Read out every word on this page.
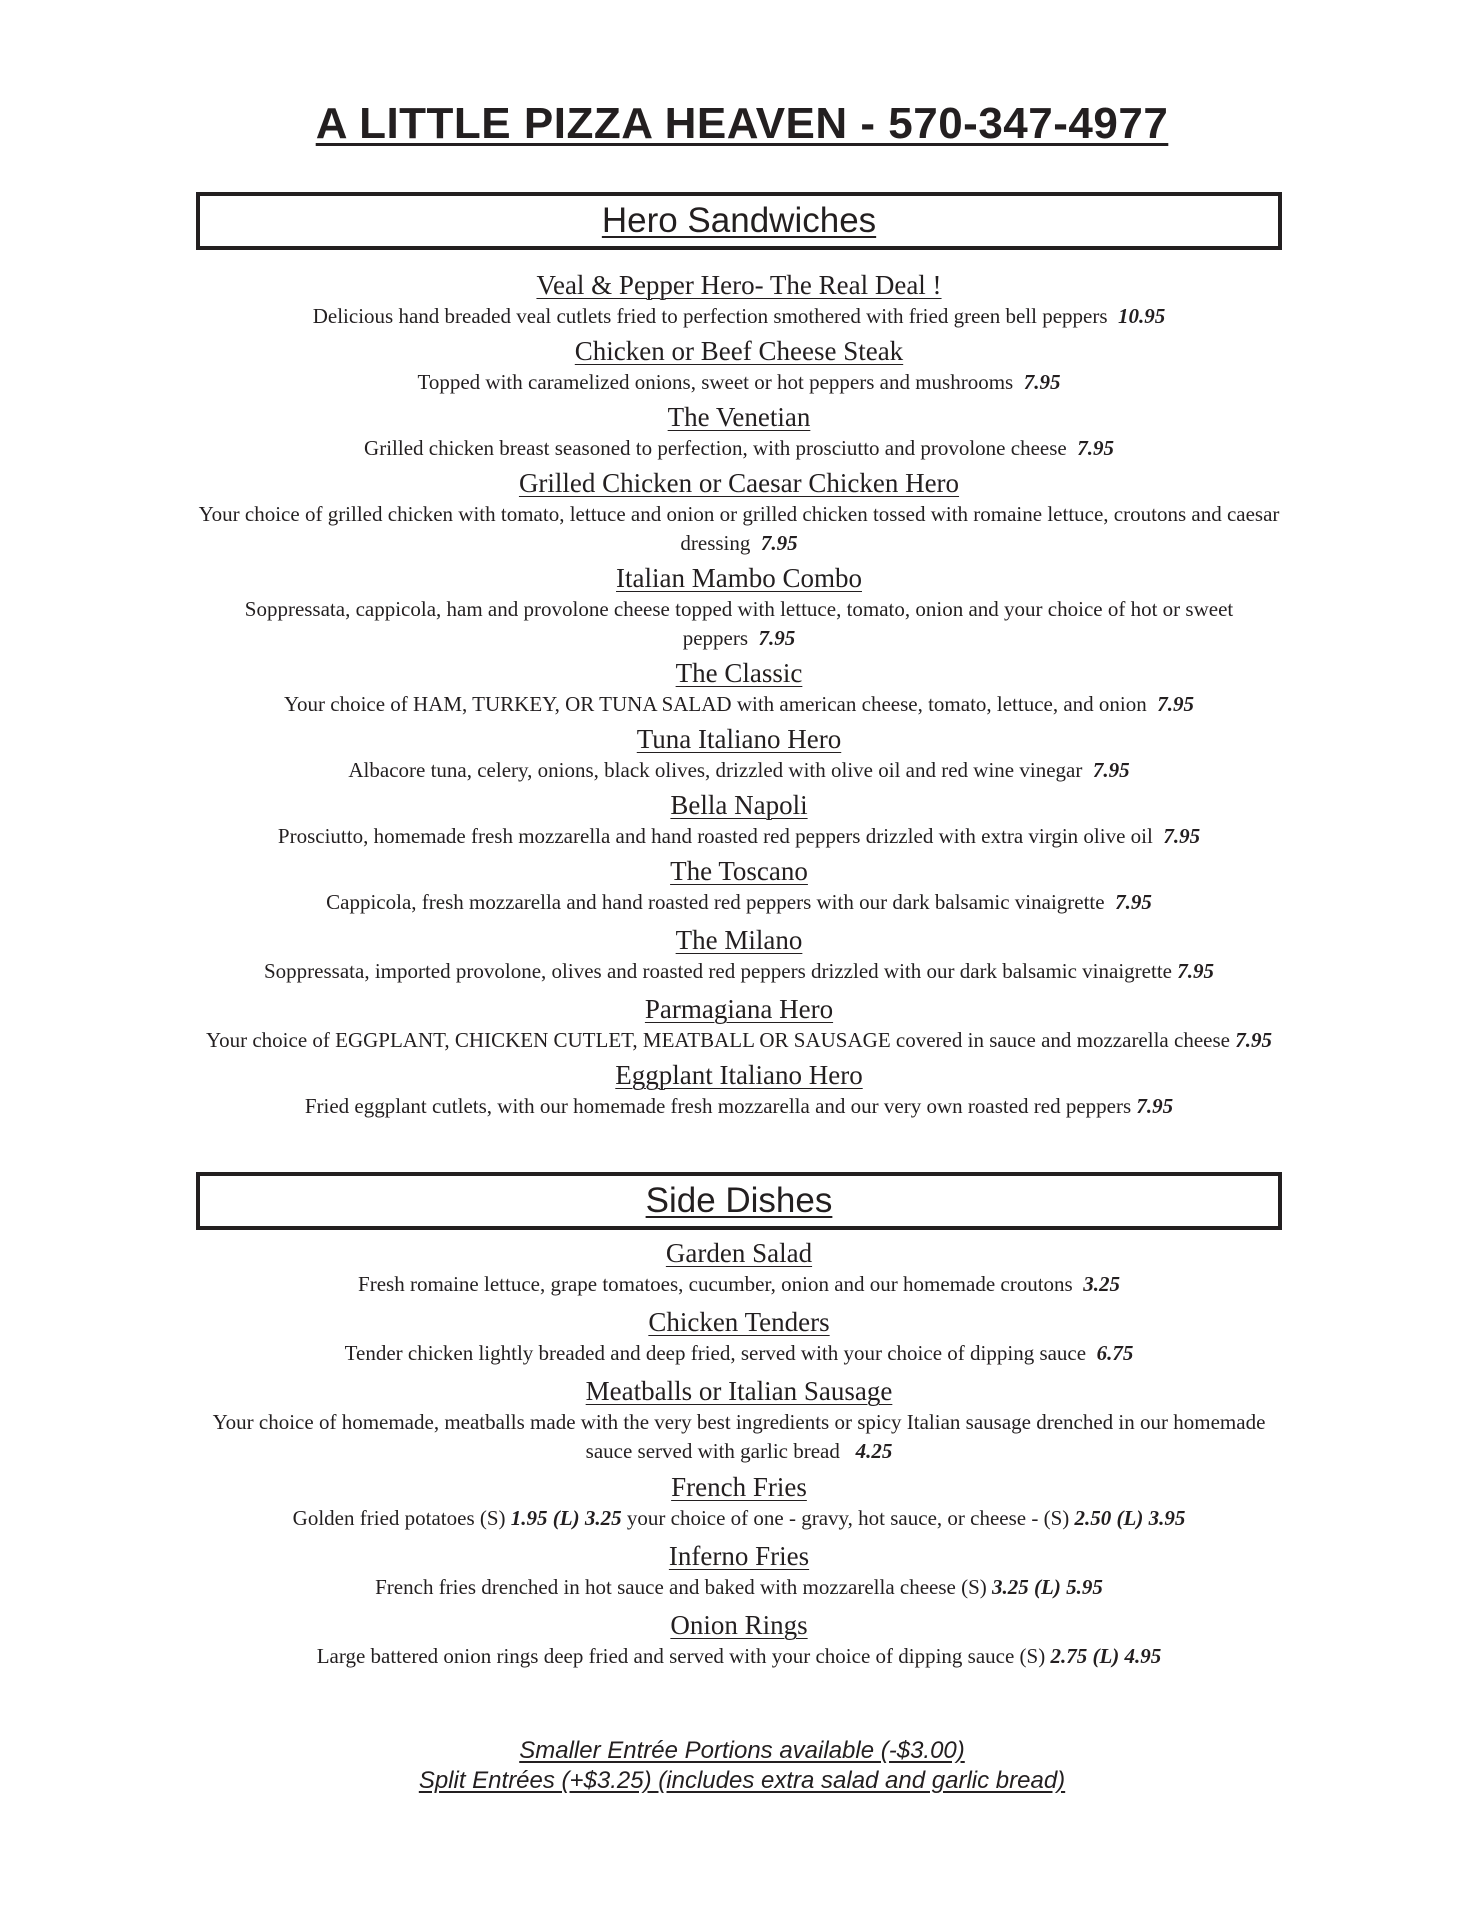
A LITTLE PIZZA HEAVEN - 570-347-4977
Hero Sandwiches
Veal & Pepper Hero- The Real Deal !
Delicious hand breaded veal cutlets fried to perfection smothered with fried green bell peppers 10.95
Chicken or Beef Cheese Steak
Topped with caramelized onions, sweet or hot peppers and mushrooms 7.95
The Venetian
Grilled chicken breast seasoned to perfection, with prosciutto and provolone cheese 7.95
Grilled Chicken or Caesar Chicken Hero
Your choice of grilled chicken with tomato, lettuce and onion or grilled chicken tossed with romaine lettuce, croutons and caesar dressing 7.95
Italian Mambo Combo
Soppressata, cappicola, ham and provolone cheese topped with lettuce, tomato, onion and your choice of hot or sweet peppers 7.95
The Classic
Your choice of HAM, TURKEY, OR TUNA SALAD with american cheese, tomato, lettuce, and onion 7.95
Tuna Italiano Hero
Albacore tuna, celery, onions, black olives, drizzled with olive oil and red wine vinegar 7.95
Bella Napoli
Prosciutto, homemade fresh mozzarella and hand roasted red peppers drizzled with extra virgin olive oil 7.95
The Toscano
Cappicola, fresh mozzarella and hand roasted red peppers with our dark balsamic vinaigrette 7.95
The Milano
Soppressata, imported provolone, olives and roasted red peppers drizzled with our dark balsamic vinaigrette 7.95
Parmagiana Hero
Your choice of EGGPLANT, CHICKEN CUTLET, MEATBALL OR SAUSAGE covered in sauce and mozzarella cheese 7.95
Eggplant Italiano Hero
Fried eggplant cutlets, with our homemade fresh mozzarella and our very own roasted red peppers 7.95
Side Dishes
Garden Salad
Fresh romaine lettuce, grape tomatoes, cucumber, onion and our homemade croutons 3.25
Chicken Tenders
Tender chicken lightly breaded and deep fried, served with your choice of dipping sauce 6.75
Meatballs or Italian Sausage
Your choice of homemade, meatballs made with the very best ingredients or spicy Italian sausage drenched in our homemade sauce served with garlic bread 4.25
French Fries
Golden fried potatoes (S) 1.95 (L) 3.25 your choice of one - gravy, hot sauce, or cheese - (S) 2.50 (L) 3.95
Inferno Fries
French fries drenched in hot sauce and baked with mozzarella cheese (S) 3.25 (L) 5.95
Onion Rings
Large battered onion rings deep fried and served with your choice of dipping sauce (S) 2.75 (L) 4.95
Smaller Entrée Portions available (-$3.00)
Split Entrées (+$3.25) (includes extra salad and garlic bread)
